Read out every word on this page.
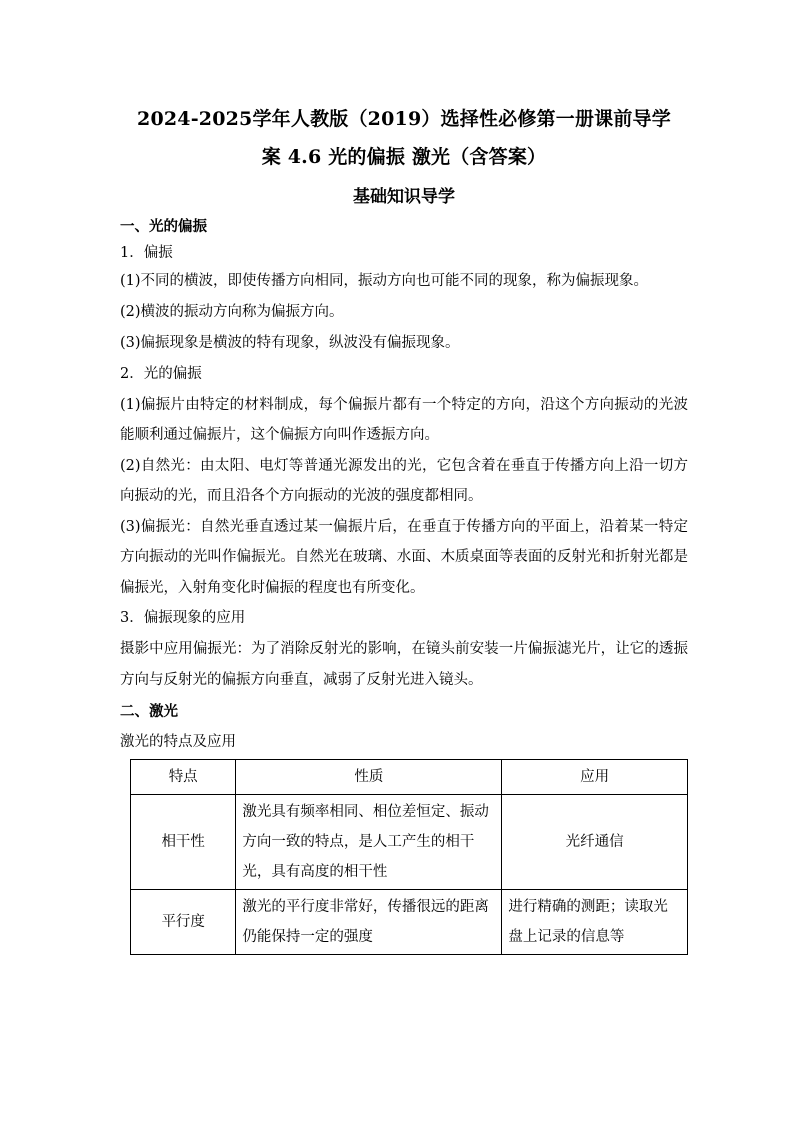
2024-2025学年人教版（2019）选择性必修第一册课前导学

案 4.6 光的偏振 激光（含答案）

基础知识导学

一、光的偏振

1．偏振

(1)不同的横波，即使传播方向相同，振动方向也可能不同的现象，称为偏振现象。

(2)横波的振动方向称为偏振方向。

(3)偏振现象是横波的特有现象，纵波没有偏振现象。

2．光的偏振

(1)偏振片由特定的材料制成，每个偏振片都有一个特定的方向，沿这个方向振动的光波能顺利通过偏振片，这个偏振方向叫作透振方向。

(2)自然光：由太阳、电灯等普通光源发出的光，它包含着在垂直于传播方向上沿一切方向振动的光，而且沿各个方向振动的光波的强度都相同。

(3)偏振光：自然光垂直透过某一偏振片后，在垂直于传播方向的平面上，沿着某一特定方向振动的光叫作偏振光。自然光在玻璃、水面、木质桌面等表面的反射光和折射光都是偏振光，入射角变化时偏振的程度也有所变化。

3．偏振现象的应用

摄影中应用偏振光：为了消除反射光的影响，在镜头前安装一片偏振滤光片，让它的透振方向与反射光的偏振方向垂直，减弱了反射光进入镜头。

二、激光

激光的特点及应用

特点	性质	应用
相干性	激光具有频率相同、相位差恒定、振动方向一致的特点，是人工产生的相干光，具有高度的相干性	光纤通信
平行度	激光的平行度非常好，传播很远的距离仍能保持一定的强度	进行精确的测距；读取光盘上记录的信息等
